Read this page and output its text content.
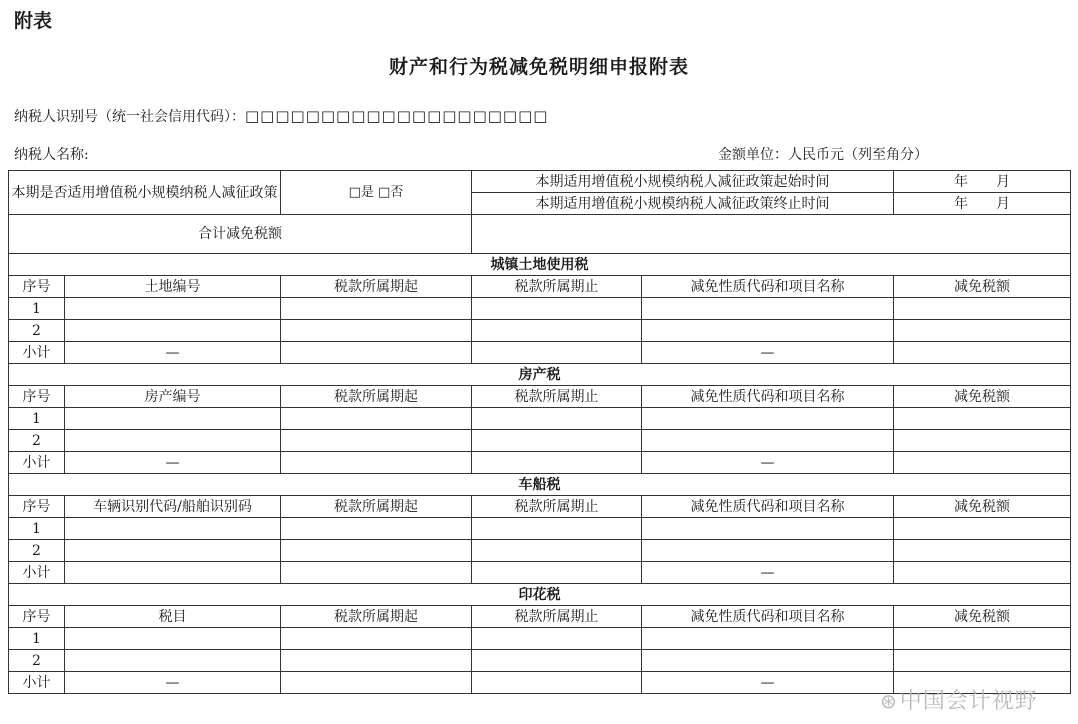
附表
财产和行为税减免税明细申报附表
纳税人识别号（统一社会信用代码）：□□□□□□□□□□□□□□□□□□□□
纳税人名称:	金额单位：人民币元（列至角分）
本期是否适用增值税小规模纳税人减征政策		□是 □否	本期适用增值税小规模纳税人减征政策起始时间		年　　月
			本期适用增值税小规模纳税人减征政策终止时间		年　　月
合计减免税额					
城镇土地使用税					
序号	土地编号	税款所属期起	税款所属期止	减免性质代码和项目名称	减免税额
1					
2					
小计	—			—	
房产税					
序号	房产编号	税款所属期起	税款所属期止	减免性质代码和项目名称	减免税额
1					
2					
小计	—			—	
车船税					
序号	车辆识别代码/船舶识别码	税款所属期起	税款所属期止	减免性质代码和项目名称	减免税额
1					
2					
小计				—	
印花税					
序号	税目	税款所属期起	税款所属期止	减免性质代码和项目名称	减免税额
1					
2					
小计	—			—	
⊛中国会计视野
